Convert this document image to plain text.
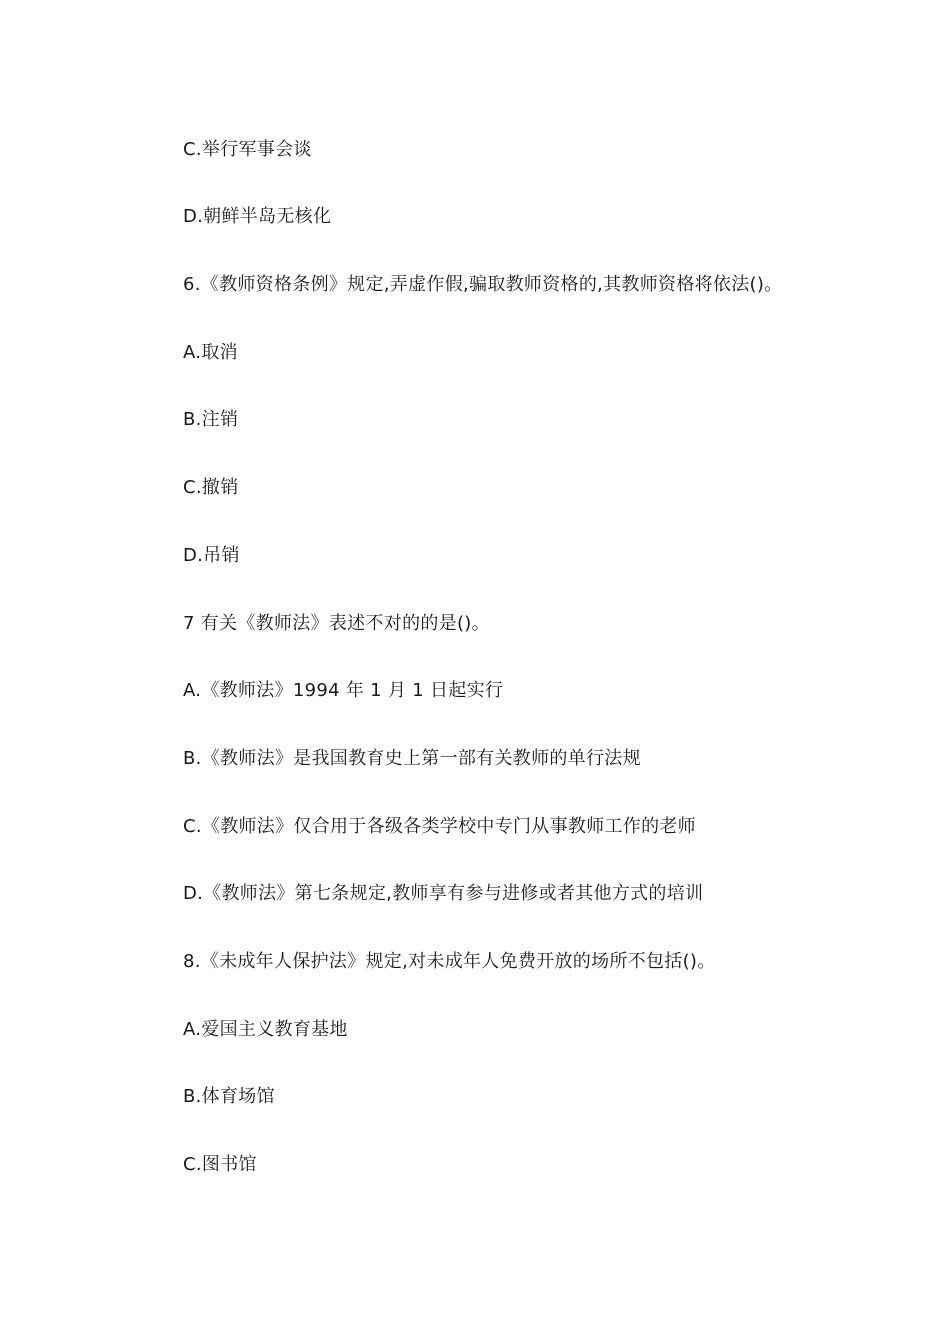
C.举行军事会谈
D.朝鲜半岛无核化
6.《教师资格条例》规定,弄虚作假,骗取教师资格的,其教师资格将依法()。
A.取消
B.注销
C.撤销
D.吊销
7 有关《教师法》表述不对的的是()。
A.《教师法》1994 年 1 月 1 日起实行
B.《教师法》是我国教育史上第一部有关教师的单行法规
C.《教师法》仅合用于各级各类学校中专门从事教师工作的老师
D.《教师法》第七条规定,教师享有参与进修或者其他方式的培训
8.《未成年人保护法》规定,对未成年人免费开放的场所不包括()。
A.爱国主义教育基地
B.体育场馆
C.图书馆
